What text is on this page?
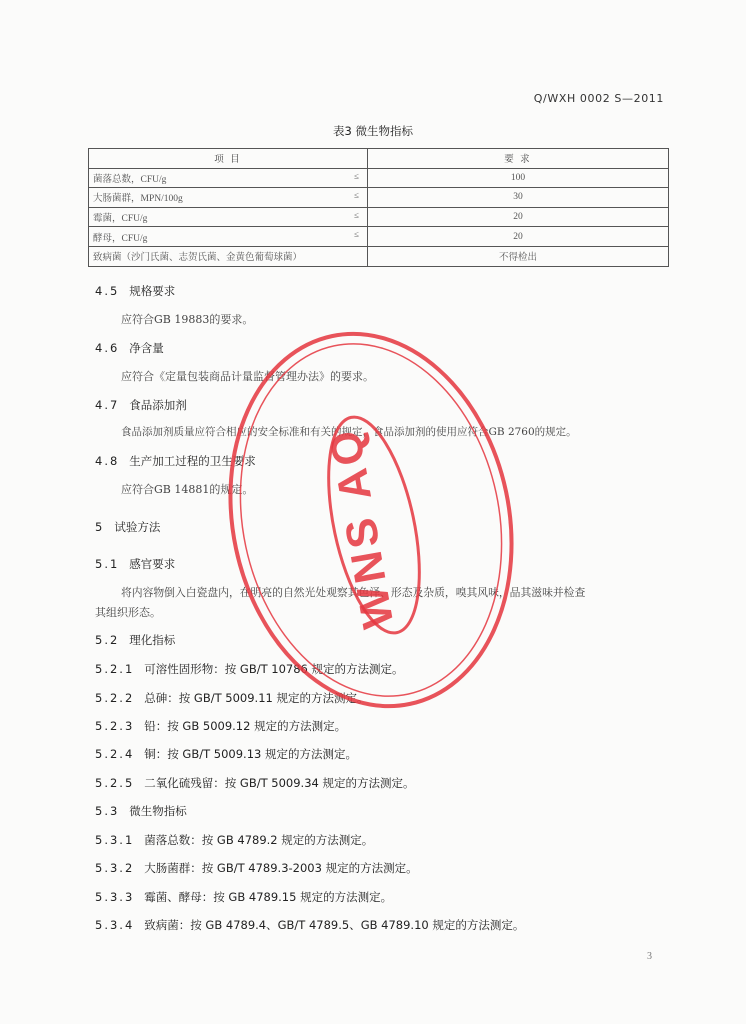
Q/WXH 0002 S—2011
表3 微生物指标
项 目	要 求
菌落总数，CFU/g ≤	100
大肠菌群，MPN/100g ≤	30
霉菌，CFU/g ≤	20
酵母，CFU/g ≤	20
致病菌（沙门氏菌、志贺氏菌、金黄色葡萄球菌）	不得检出
4.5 规格要求
应符合GB 19883的要求。
4.6 净含量
应符合《定量包装商品计量监督管理办法》的要求。
4.7 食品添加剂
食品添加剂质量应符合相应的安全标准和有关的规定，食品添加剂的使用应符合GB 2760的规定。
4.8 生产加工过程的卫生要求
应符合GB 14881的规定。
5 试验方法
5.1 感官要求
将内容物倒入白瓷盘内，在明亮的自然光处观察其色泽、形态及杂质，嗅其风味，品其滋味并检查
其组织形态。
5.2 理化指标
5.2.1 可溶性固形物：按 GB/T 10786 规定的方法测定。
5.2.2 总砷：按 GB/T 5009.11 规定的方法测定。
5.2.3 铅：按 GB 5009.12 规定的方法测定。
5.2.4 铜：按 GB/T 5009.13 规定的方法测定。
5.2.5 二氧化硫残留：按 GB/T 5009.34 规定的方法测定。
5.3 微生物指标
5.3.1 菌落总数：按 GB 4789.2 规定的方法测定。
5.3.2 大肠菌群：按 GB/T 4789.3-2003 规定的方法测定。
5.3.3 霉菌、酵母：按 GB 4789.15 规定的方法测定。
5.3.4 致病菌：按 GB 4789.4、GB/T 4789.5、GB 4789.10 规定的方法测定。
3
WNS AQ
